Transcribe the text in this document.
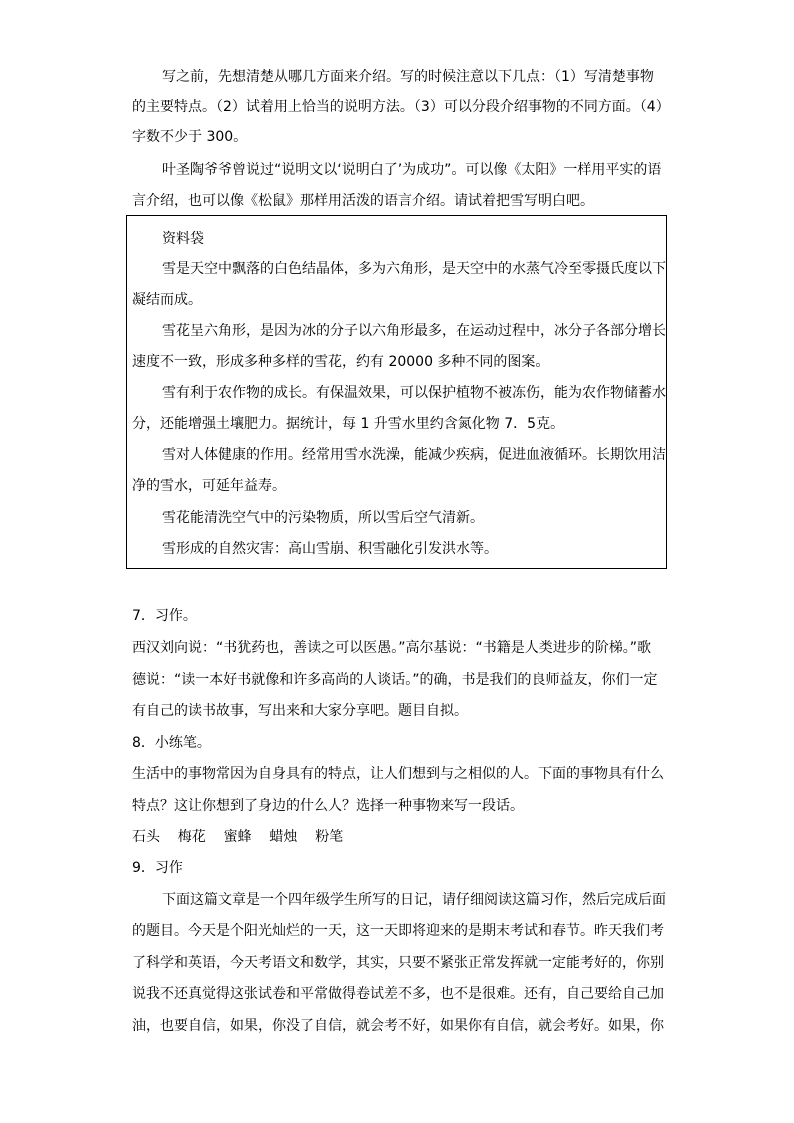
写之前，先想清楚从哪几方面来介绍。写的时候注意以下几点：（1）写清楚事物
的主要特点。（2）试着用上恰当的说明方法。（3）可以分段介绍事物的不同方面。（4）
字数不少于 300。
叶圣陶爷爷曾说过“说明文以‘说明白了’为成功”。可以像《太阳》一样用平实的语
言介绍，也可以像《松鼠》那样用活泼的语言介绍。请试着把雪写明白吧。
资料袋
雪是天空中飘落的白色结晶体，多为六角形，是天空中的水蒸气冷至零摄氏度以下
凝结而成。
雪花呈六角形，是因为冰的分子以六角形最多，在运动过程中，冰分子各部分增长
速度不一致，形成多种多样的雪花，约有 20000 多种不同的图案。
雪有利于农作物的成长。有保温效果，可以保护植物不被冻伤，能为农作物储蓄水
分，还能增强土壤肥力。据统计，每 1 升雪水里约含氮化物 7．5克。
雪对人体健康的作用。经常用雪水洗澡，能减少疾病，促进血液循环。长期饮用洁
净的雪水，可延年益寿。
雪花能清洗空气中的污染物质，所以雪后空气清新。
雪形成的自然灾害：高山雪崩、积雪融化引发洪水等。
7．习作。
西汉刘向说：“书犹药也，善读之可以医愚。”高尔基说：“书籍是人类进步的阶梯。”歌
德说：“读一本好书就像和许多高尚的人谈话。”的确，书是我们的良师益友，你们一定
有自己的读书故事，写出来和大家分享吧。题目自拟。
8．小练笔。
生活中的事物常因为自身具有的特点，让人们想到与之相似的人。下面的事物具有什么
特点？这让你想到了身边的什么人？选择一种事物来写一段话。
石头    梅花    蜜蜂    蜡烛    粉笔
9．习作
下面这篇文章是一个四年级学生所写的日记，请仔细阅读这篇习作，然后完成后面
的题目。今天是个阳光灿烂的一天，这一天即将迎来的是期末考试和春节。昨天我们考
了科学和英语，今天考语文和数学，其实，只要不紧张正常发挥就一定能考好的，你别
说我不还真觉得这张试卷和平常做得卷试差不多，也不是很难。还有，自己要给自己加
油，也要自信，如果，你没了自信，就会考不好，如果你有自信，就会考好。如果，你
